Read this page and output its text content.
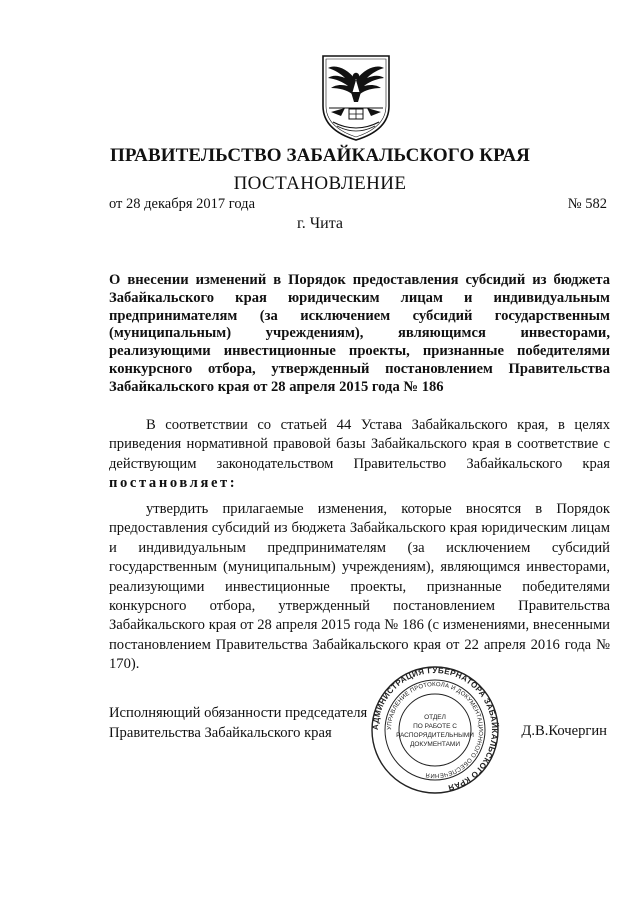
ПРАВИТЕЛЬСТВО ЗАБАЙКАЛЬСКОГО КРАЯ
ПОСТАНОВЛЕНИЕ
от 28 декабря 2017 года	№ 582
г. Чита
О внесении изменений в Порядок предоставления субсидий из бюджета Забайкальского края юридическим лицам и индивидуальным предпринимателям (за исключением субсидий государственным (муниципальным) учреждениям), являющимся инвесторами, реализующими инвестиционные проекты, признанные победителями конкурсного отбора, утвержденный постановлением Правительства Забайкальского края от 28 апреля 2015 года № 186
В соответствии со статьей 44 Устава Забайкальского края, в целях приведения нормативной правовой базы Забайкальского края в соответствие с действующим законодательством Правительство Забайкальского края постановляет:
утвердить прилагаемые изменения, которые вносятся в Порядок предоставления субсидий из бюджета Забайкальского края юридическим лицам и индивидуальным предпринимателям (за исключением субсидий государственным (муниципальным) учреждениям), являющимся инвесторами, реализующими инвестиционные проекты, признанные победителями конкурсного отбора, утвержденный постановлением Правительства Забайкальского края от 28 апреля 2015 года № 186 (с изменениями, внесенными постановлением Правительства Забайкальского края от 22 апреля 2016 года № 170).
Исполняющий обязанности председателя
Правительства Забайкальского края	Д.В.Кочергин
АДМИНИСТРАЦИЯ ГУБЕРНАТОРА ЗАБАЙКАЛЬСКОГО КРАЯ
УПРАВЛЕНИЕ ПРОТОКОЛА И ДОКУМЕНТАЦИОННОГО ОБЕСПЕЧЕНИЯ
ОТДЕЛ
ПО РАБОТЕ С
РАСПОРЯДИТЕЛЬНЫМИ
ДОКУМЕНТАМИ
